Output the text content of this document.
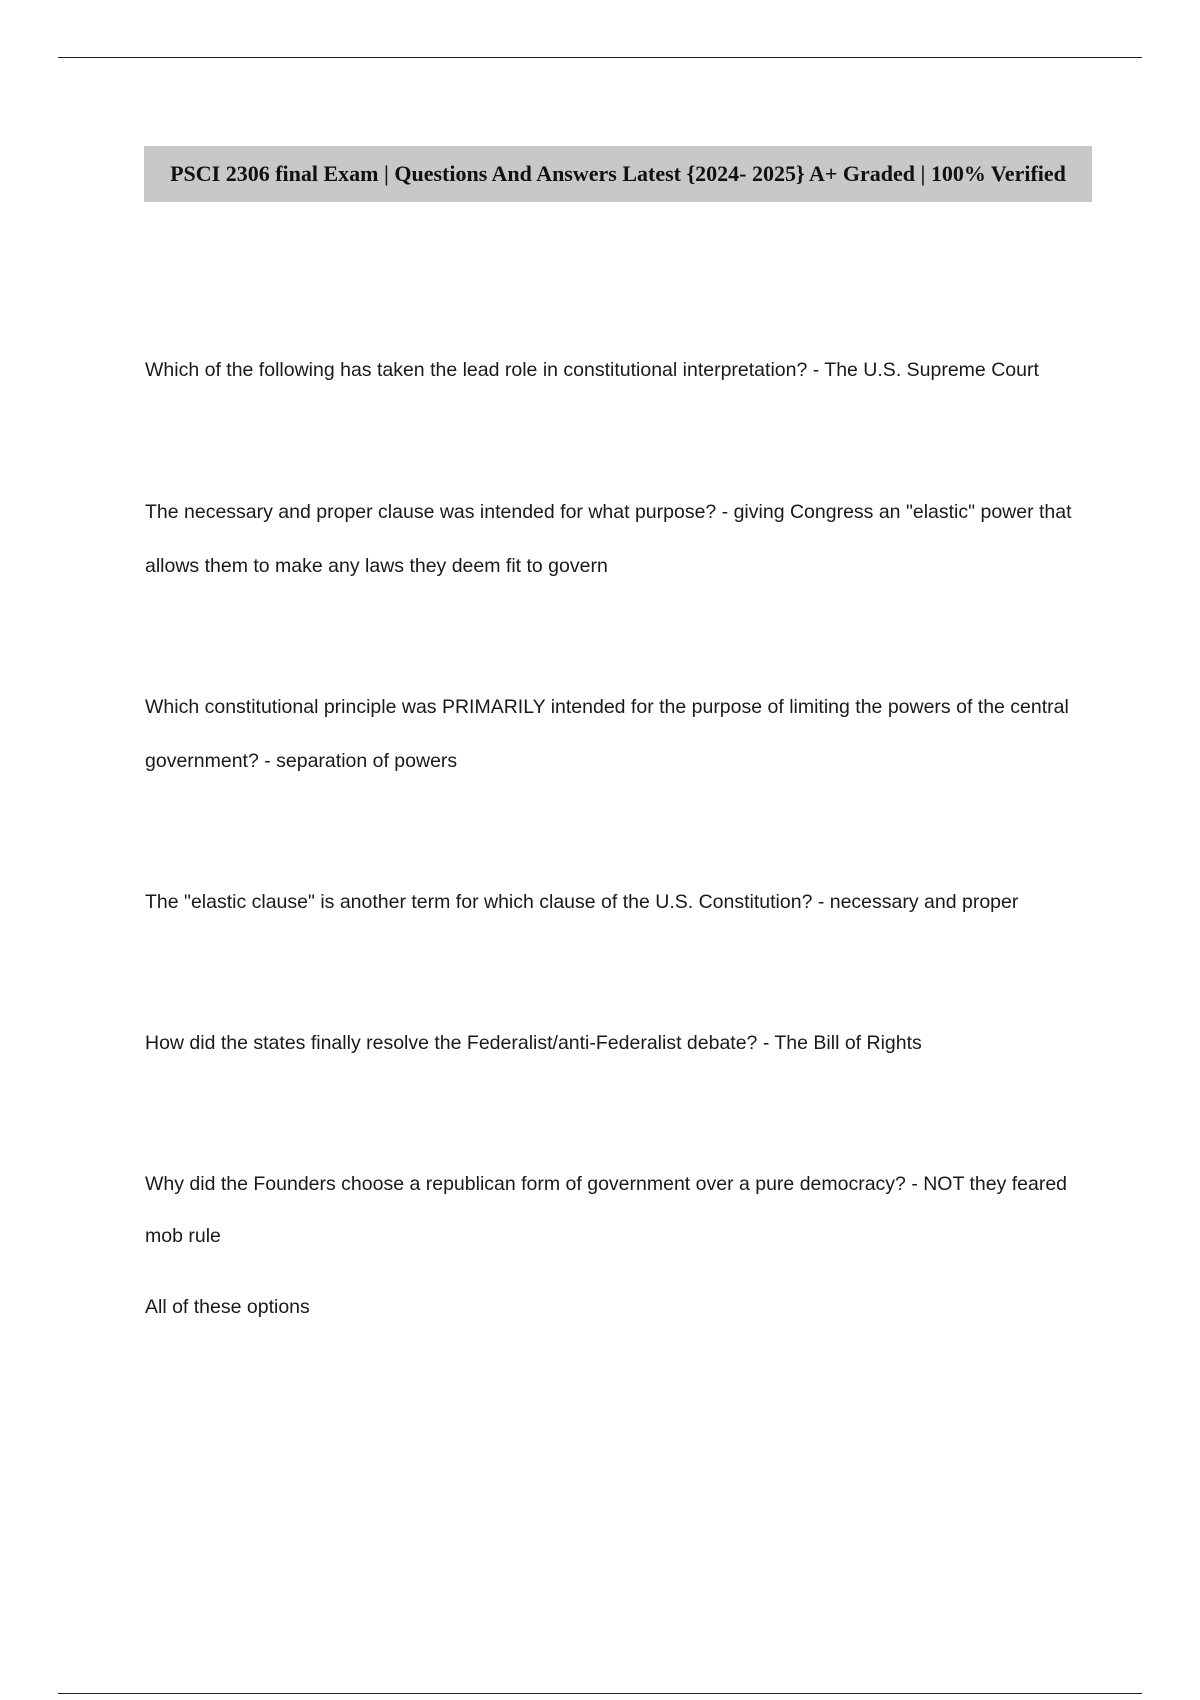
PSCI 2306 final Exam | Questions And Answers Latest {2024- 2025} A+ Graded | 100% Verified

Which of the following has taken the lead role in constitutional interpretation? - The U.S. Supreme Court

The necessary and proper clause was intended for what purpose? - giving Congress an "elastic" power that allows them to make any laws they deem fit to govern

Which constitutional principle was PRIMARILY intended for the purpose of limiting the powers of the central government? - separation of powers

The "elastic clause" is another term for which clause of the U.S. Constitution? - necessary and proper

How did the states finally resolve the Federalist/anti-Federalist debate? - The Bill of Rights

Why did the Founders choose a republican form of government over a pure democracy? - NOT they feared mob rule

All of these options
